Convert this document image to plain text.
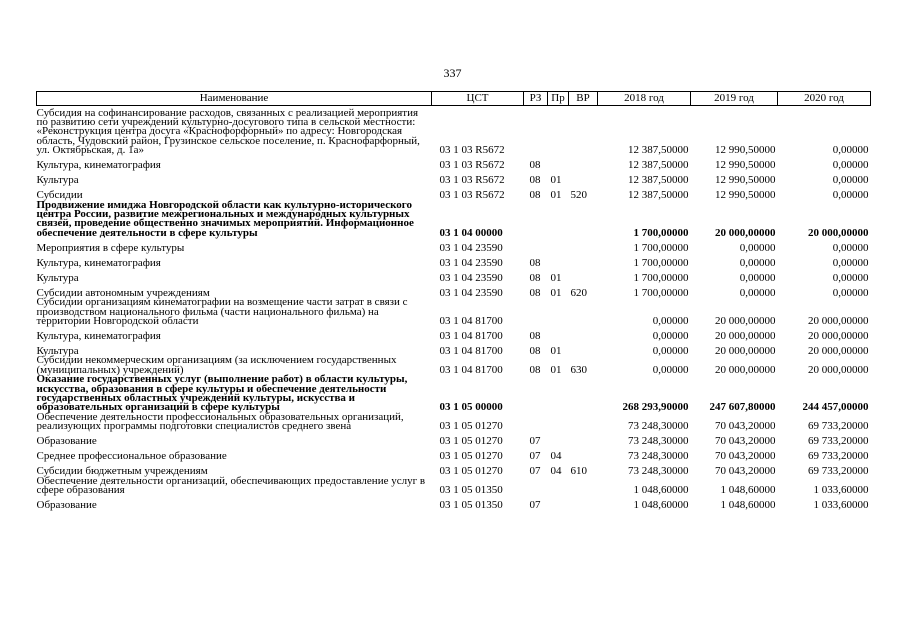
337
Наименование	ЦСТ	РЗ	Пр	ВР	2018 год	2019 год	2020 год

Субсидия на софинансирование расходов, связанных с реализацией мероприятия по развитию сети учреждений культурно-досугового типа в сельской местности: «Реконструкция центра досуга «Краснофорфорный» по адресу: Новгородская область, Чудовский район, Грузинское сельское поселение, п. Краснофарфорный, ул. Октябрьская, д. 1а»	03 1 03 R5672				12 387,50000	12 990,50000	0,00000
Культура, кинематография	03 1 03 R5672	08			12 387,50000	12 990,50000	0,00000
Культура	03 1 03 R5672	08	01		12 387,50000	12 990,50000	0,00000
Субсидии	03 1 03 R5672	08	01	520	12 387,50000	12 990,50000	0,00000
Продвижение имиджа Новгородской области как культурно-исторического центра России, развитие межрегиональных и международных культурных связей, проведение общественно значимых мероприятий. Информационное обеспечение деятельности в сфере культуры	03 1 04 00000				1 700,00000	20 000,00000	20 000,00000
Мероприятия в сфере культуры	03 1 04 23590				1 700,00000	0,00000	0,00000
Культура, кинематография	03 1 04 23590	08			1 700,00000	0,00000	0,00000
Культура	03 1 04 23590	08	01		1 700,00000	0,00000	0,00000
Субсидии автономным учреждениям	03 1 04 23590	08	01	620	1 700,00000	0,00000	0,00000
Субсидии организациям кинематографии на возмещение части затрат в связи с производством национального фильма (части национального фильма) на территории Новгородской области	03 1 04 81700				0,00000	20 000,00000	20 000,00000
Культура, кинематография	03 1 04 81700	08			0,00000	20 000,00000	20 000,00000
Культура	03 1 04 81700	08	01		0,00000	20 000,00000	20 000,00000
Субсидии некоммерческим организациям (за исключением государственных (муниципальных) учреждений)	03 1 04 81700	08	01	630	0,00000	20 000,00000	20 000,00000
Оказание государственных услуг (выполнение работ) в области культуры, искусства, образования в сфере культуры и обеспечение деятельности государственных областных учреждений культуры, искусства и образовательных организаций в сфере культуры	03 1 05 00000				268 293,90000	247 607,80000	244 457,00000
Обеспечение деятельности профессиональных образовательных организаций, реализующих программы подготовки специалистов среднего звена	03 1 05 01270				73 248,30000	70 043,20000	69 733,20000
Образование	03 1 05 01270	07			73 248,30000	70 043,20000	69 733,20000
Среднее профессиональное образование	03 1 05 01270	07	04		73 248,30000	70 043,20000	69 733,20000
Субсидии бюджетным учреждениям	03 1 05 01270	07	04	610	73 248,30000	70 043,20000	69 733,20000
Обеспечение деятельности организаций, обеспечивающих предоставление услуг в сфере образования	03 1 05 01350				1 048,60000	1 048,60000	1 033,60000
Образование	03 1 05 01350	07			1 048,60000	1 048,60000	1 033,60000
